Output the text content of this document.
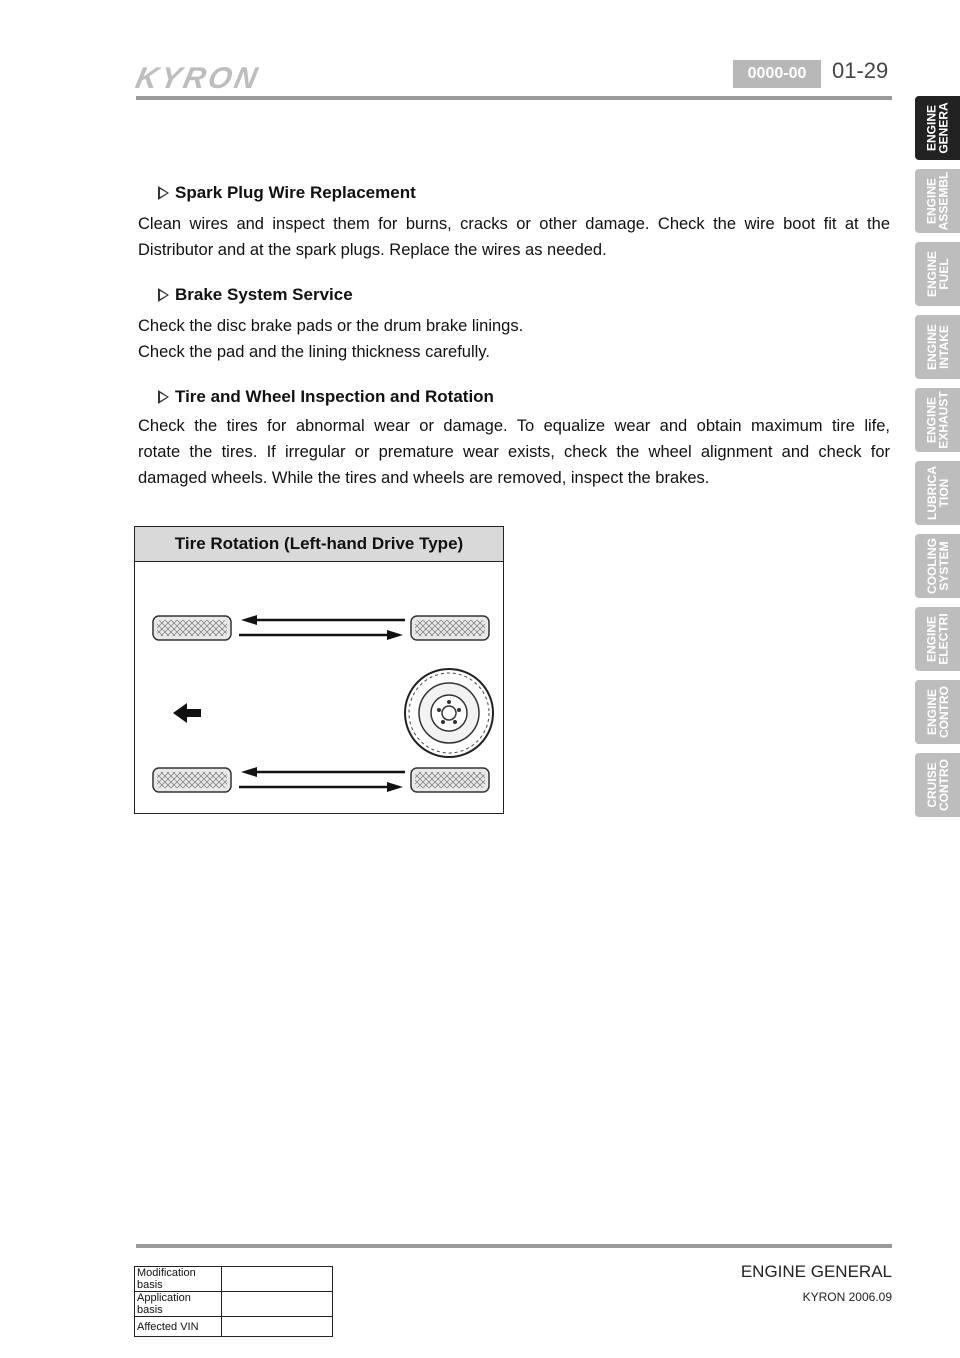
KYRON	0000-00	01-29
Spark Plug Wire Replacement
Clean wires and inspect them for burns, cracks or other damage. Check the wire boot fit at the
Distributor and at the spark plugs. Replace the wires as needed.
Brake System Service
Check the disc brake pads or the drum brake linings.
Check the pad and the lining thickness carefully.
Tire and Wheel Inspection and Rotation
Check the tires for abnormal wear or damage. To equalize wear and obtain maximum tire life,
rotate the tires. If irregular or premature wear exists, check the wheel alignment and check for
damaged wheels. While the tires and wheels are removed, inspect the brakes.
Tire Rotation (Left-hand Drive Type)
ENGINE
GENERA
ENGINE
ASSEMBL
ENGINE
FUEL
ENGINE
INTAKE
ENGINE
EXHAUST
LUBRICA
TION
COOLING
SYSTEM
ENGINE
ELECTRI
ENGINE
CONTRO
CRUISE
CONTRO
Modification basis	
Application basis	
Affected VIN	
ENGINE GENERAL
KYRON 2006.09
